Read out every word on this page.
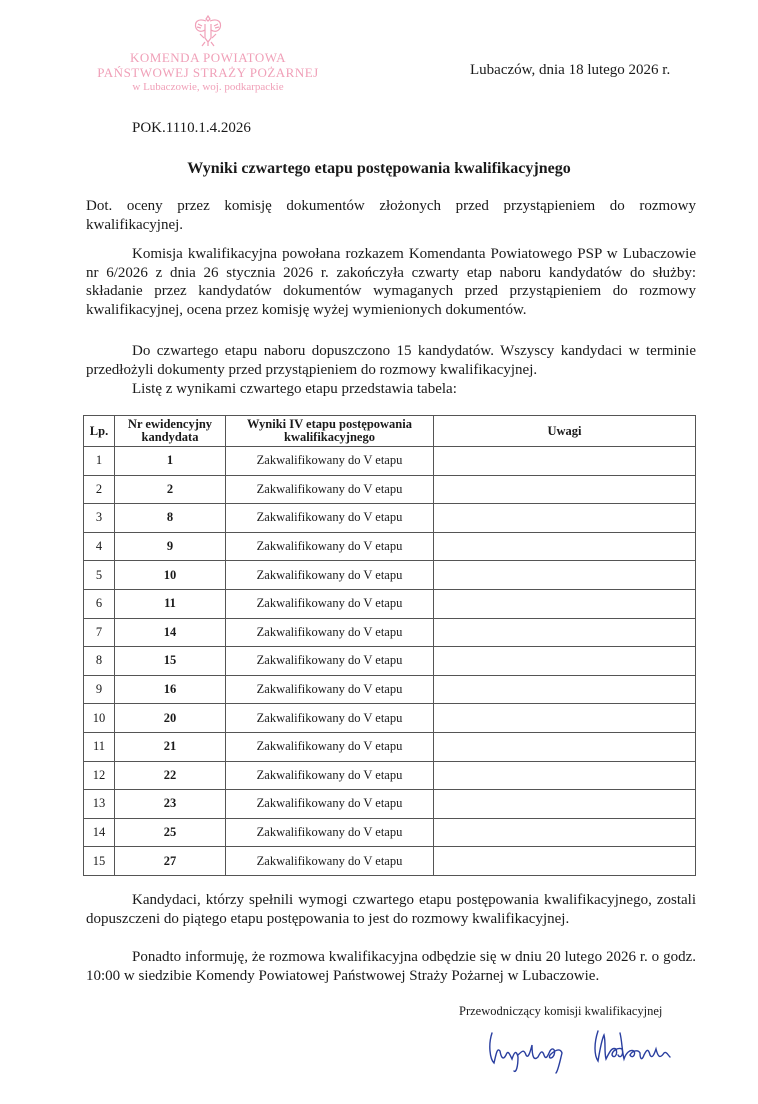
KOMENDA POWIATOWA
PAŃSTWOWEJ STRAŻY POŻARNEJ
w Lubaczowie, woj. podkarpackie
Lubaczów, dnia 18 lutego 2026 r.
POK.1110.1.4.2026
Wyniki czwartego etapu postępowania kwalifikacyjnego
Dot. oceny przez komisję dokumentów złożonych przed przystąpieniem do rozmowy kwalifikacyjnej.
Komisja kwalifikacyjna powołana rozkazem Komendanta Powiatowego PSP w Lubaczowie nr 6/2026 z dnia 26 stycznia 2026 r. zakończyła czwarty etap naboru kandydatów do służby: składanie przez kandydatów dokumentów wymaganych przed przystąpieniem do rozmowy kwalifikacyjnej, ocena przez komisję wyżej wymienionych dokumentów.
Do czwartego etapu naboru dopuszczono 15 kandydatów. Wszyscy kandydaci w terminie przedłożyli dokumenty przed przystąpieniem do rozmowy kwalifikacyjnej.
Listę z wynikami czwartego etapu przedstawia tabela:
Lp.	Nr ewidencyjny kandydata	Wyniki IV etapu postępowania kwalifikacyjnego	Uwagi
1	1	Zakwalifikowany do V etapu	
2	2	Zakwalifikowany do V etapu	
3	8	Zakwalifikowany do V etapu	
4	9	Zakwalifikowany do V etapu	
5	10	Zakwalifikowany do V etapu	
6	11	Zakwalifikowany do V etapu	
7	14	Zakwalifikowany do V etapu	
8	15	Zakwalifikowany do V etapu	
9	16	Zakwalifikowany do V etapu	
10	20	Zakwalifikowany do V etapu	
11	21	Zakwalifikowany do V etapu	
12	22	Zakwalifikowany do V etapu	
13	23	Zakwalifikowany do V etapu	
14	25	Zakwalifikowany do V etapu	
15	27	Zakwalifikowany do V etapu	
Kandydaci, którzy spełnili wymogi czwartego etapu postępowania kwalifikacyjnego, zostali dopuszczeni do piątego etapu postępowania to jest do rozmowy kwalifikacyjnej.
Ponadto informuję, że rozmowa kwalifikacyjna odbędzie się w dniu 20 lutego 2026 r. o godz. 10:00 w siedzibie Komendy Powiatowej Państwowej Straży Pożarnej w Lubaczowie.
Przewodniczący komisji kwalifikacyjnej
